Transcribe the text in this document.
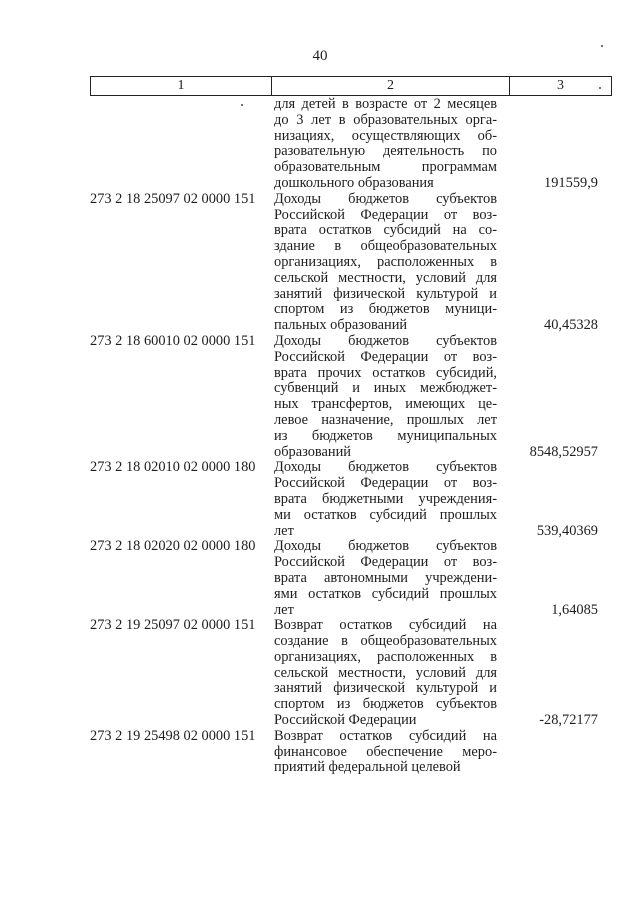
40
1	2	3
для детей в возрасте от 2 месяцев
до 3 лет в образовательных орга-
низациях, осуществляющих об-
разовательную деятельность по
образовательным программам
дошкольного образования	191559,9
273 2 18 25097 02 0000 151	Доходы бюджетов субъектов
Российской Федерации от воз-
врата остатков субсидий на со-
здание в общеобразовательных
организациях, расположенных в
сельской местности, условий для
занятий физической культурой и
спортом из бюджетов муници-
пальных образований	40,45328
273 2 18 60010 02 0000 151	Доходы бюджетов субъектов
Российской Федерации от воз-
врата прочих остатков субсидий,
субвенций и иных межбюджет-
ных трансфертов, имеющих це-
левое назначение, прошлых лет
из бюджетов муниципальных
образований	8548,52957
273 2 18 02010 02 0000 180	Доходы бюджетов субъектов
Российской Федерации от воз-
врата бюджетными учреждения-
ми остатков субсидий прошлых
лет	539,40369
273 2 18 02020 02 0000 180	Доходы бюджетов субъектов
Российской Федерации от воз-
врата автономными учреждени-
ями остатков субсидий прошлых
лет	1,64085
273 2 19 25097 02 0000 151	Возврат остатков субсидий на
создание в общеобразовательных
организациях, расположенных в
сельской местности, условий для
занятий физической культурой и
спортом из бюджетов субъектов
Российской Федерации	-28,72177
273 2 19 25498 02 0000 151	Возврат остатков субсидий на
финансовое обеспечение меро-
приятий федеральной целевой
